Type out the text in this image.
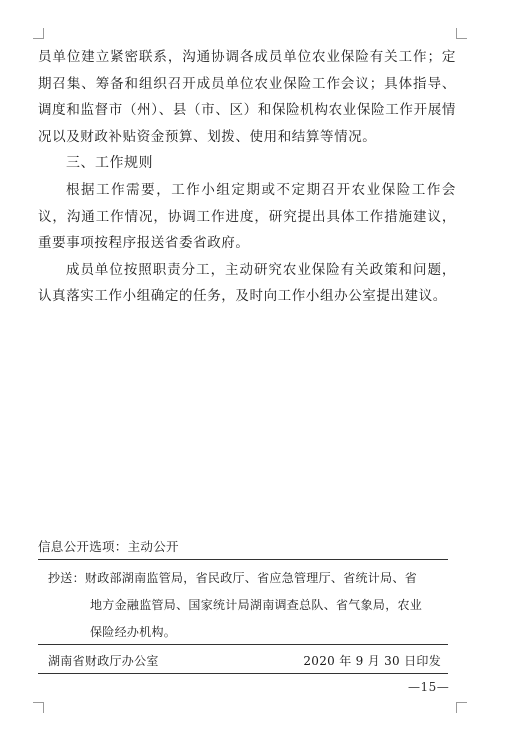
员单位建立紧密联系，沟通协调各成员单位农业保险有关工作；定期召集、筹备和组织召开成员单位农业保险工作会议；具体指导、调度和监督市（州）、县（市、区）和保险机构农业保险工作开展情况以及财政补贴资金预算、划拨、使用和结算等情况。

三、工作规则

根据工作需要，工作小组定期或不定期召开农业保险工作会议，沟通工作情况，协调工作进度，研究提出具体工作措施建议，重要事项按程序报送省委省政府。

成员单位按照职责分工，主动研究农业保险有关政策和问题，认真落实工作小组确定的任务，及时向工作小组办公室提出建议。

信息公开选项：主动公开

抄送：财政部湖南监管局，省民政厅、省应急管理厅、省统计局、省

地方金融监管局、国家统计局湖南调查总队、省气象局，农业

保险经办机构。

湖南省财政厅办公室	2020 年 9 月 30 日印发
—15—
